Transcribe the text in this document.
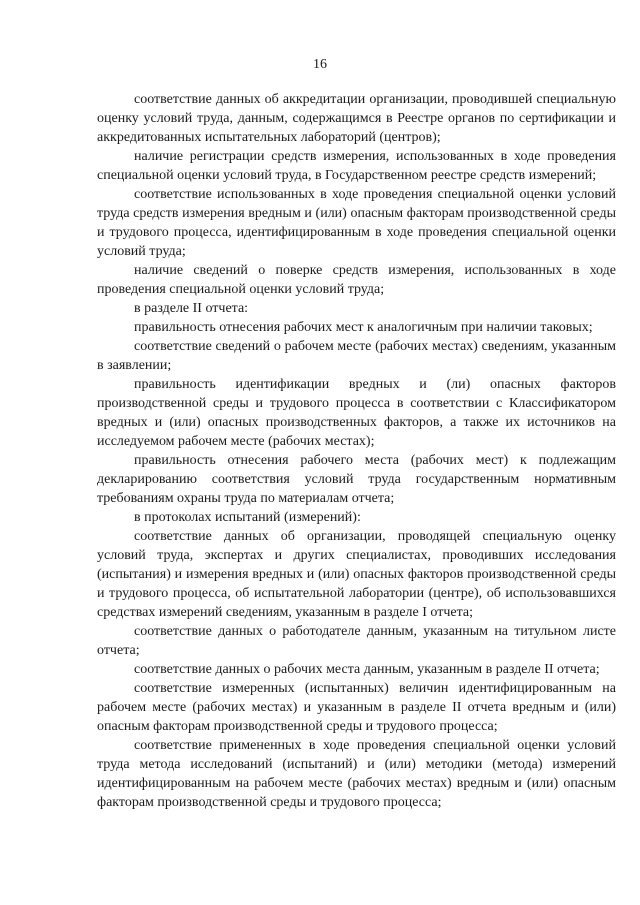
16

соответствие данных об аккредитации организации, проводившей специальную оценку условий труда, данным, содержащимся в Реестре органов по сертификации и аккредитованных испытательных лабораторий (центров);

наличие регистрации средств измерения, использованных в ходе проведения специальной оценки условий труда, в Государственном реестре средств измерений;

соответствие использованных в ходе проведения специальной оценки условий труда средств измерения вредным и (или) опасным факторам производственной среды и трудового процесса, идентифицированным в ходе проведения специальной оценки условий труда;

наличие сведений о поверке средств измерения, использованных в ходе проведения специальной оценки условий труда;

в разделе II отчета:

правильность отнесения рабочих мест к аналогичным при наличии таковых;

соответствие сведений о рабочем месте (рабочих местах) сведениям, указанным в заявлении;

правильность идентификации вредных и (ли) опасных факторов производственной среды и трудового процесса в соответствии с Классификатором вредных и (или) опасных производственных факторов, а также их источников на исследуемом рабочем месте (рабочих местах);

правильность отнесения рабочего места (рабочих мест) к подлежащим декларированию соответствия условий труда государственным нормативным требованиям охраны труда по материалам отчета;

в протоколах испытаний (измерений):

соответствие данных об организации, проводящей специальную оценку условий труда, экспертах и других специалистах, проводивших исследования (испытания) и измерения вредных и (или) опасных факторов производственной среды и трудового процесса, об испытательной лаборатории (центре), об использовавшихся средствах измерений сведениям, указанным в разделе I отчета;

соответствие данных о работодателе данным, указанным на титульном листе отчета;

соответствие данных о рабочих места данным, указанным в разделе II отчета;

соответствие измеренных (испытанных) величин идентифицированным на рабочем месте (рабочих местах) и указанным в разделе II отчета вредным и (или) опасным факторам производственной среды и трудового процесса;

соответствие примененных в ходе проведения специальной оценки условий труда метода исследований (испытаний) и (или) методики (метода) измерений идентифицированным на рабочем месте (рабочих местах) вредным и (или) опасным факторам производственной среды и трудового процесса;
